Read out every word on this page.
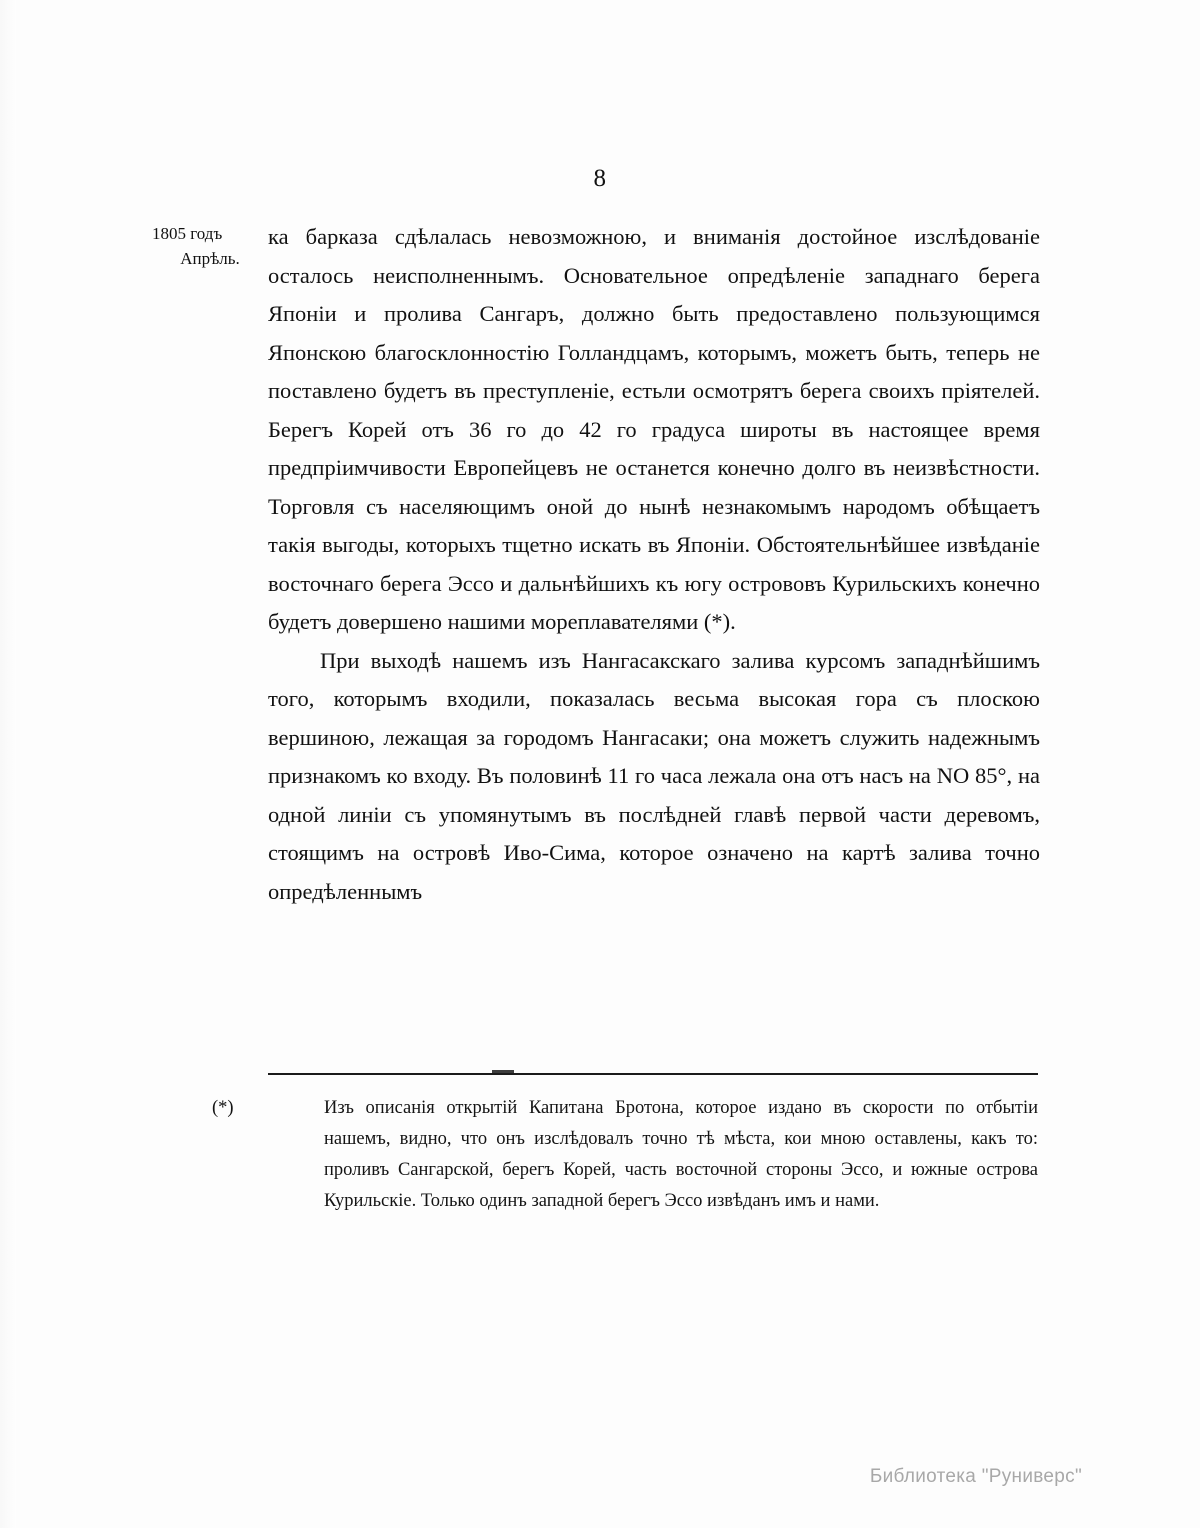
8
1805 годъ
Апрѣль.

ка барказа сдѣлалась невозможною, и вниманія достойное изслѣдованіе осталось неисполненнымъ. Основательное опредѣленіе западнаго берега Японіи и пролива Сангаръ, должно быть предоставлено пользующимся Японскою благосклонностію Голландцамъ, которымъ, можетъ быть, теперь не поставлено будетъ въ преступленіе, естьли осмотрятъ берега своихъ пріятелей. Берегъ Корей отъ 36 го до 42 го градуса широты въ настоящее время предпріимчивости Европейцевъ не останется конечно долго въ неизвѣстности. Торговля съ населяющимъ оной до нынѣ незнакомымъ народомъ обѣщаетъ такія выгоды, которыхъ тщетно искать въ Японіи. Обстоятельнѣйшее извѣданіе восточнаго берега Эссо и дальнѣйшихъ къ югу острововъ Курильскихъ конечно будетъ довершено нашими мореплавателями (*).

При выходѣ нашемъ изъ Нангасакскаго залива курсомъ западнѣйшимъ того, которымъ входили, показалась весьма высокая гора съ плоскою вершиною, лежащая за городомъ Нангасаки; она можетъ служить надежнымъ признакомъ ко входу. Въ половинѣ 11 го часа лежала она отъ насъ на NO 85°, на одной линіи съ упомянутымъ въ послѣдней главѣ первой части деревомъ, стоящимъ на островѣ Иво-Сима, которое означено на картѣ залива точно опредѣленнымъ

(*)	Изъ описанія открытій Капитана Бротона, которое издано въ скорости по отбытіи нашемъ, видно, что онъ изслѣдовалъ точно тѣ мѣста, кои мною оставлены, какъ то: проливъ Сангарской, берегъ Корей, часть восточной стороны Эссо, и южные острова Курильскіе. Только одинъ западной берегъ Эссо извѣданъ имъ и нами.
Библиотека "Руниверс"
